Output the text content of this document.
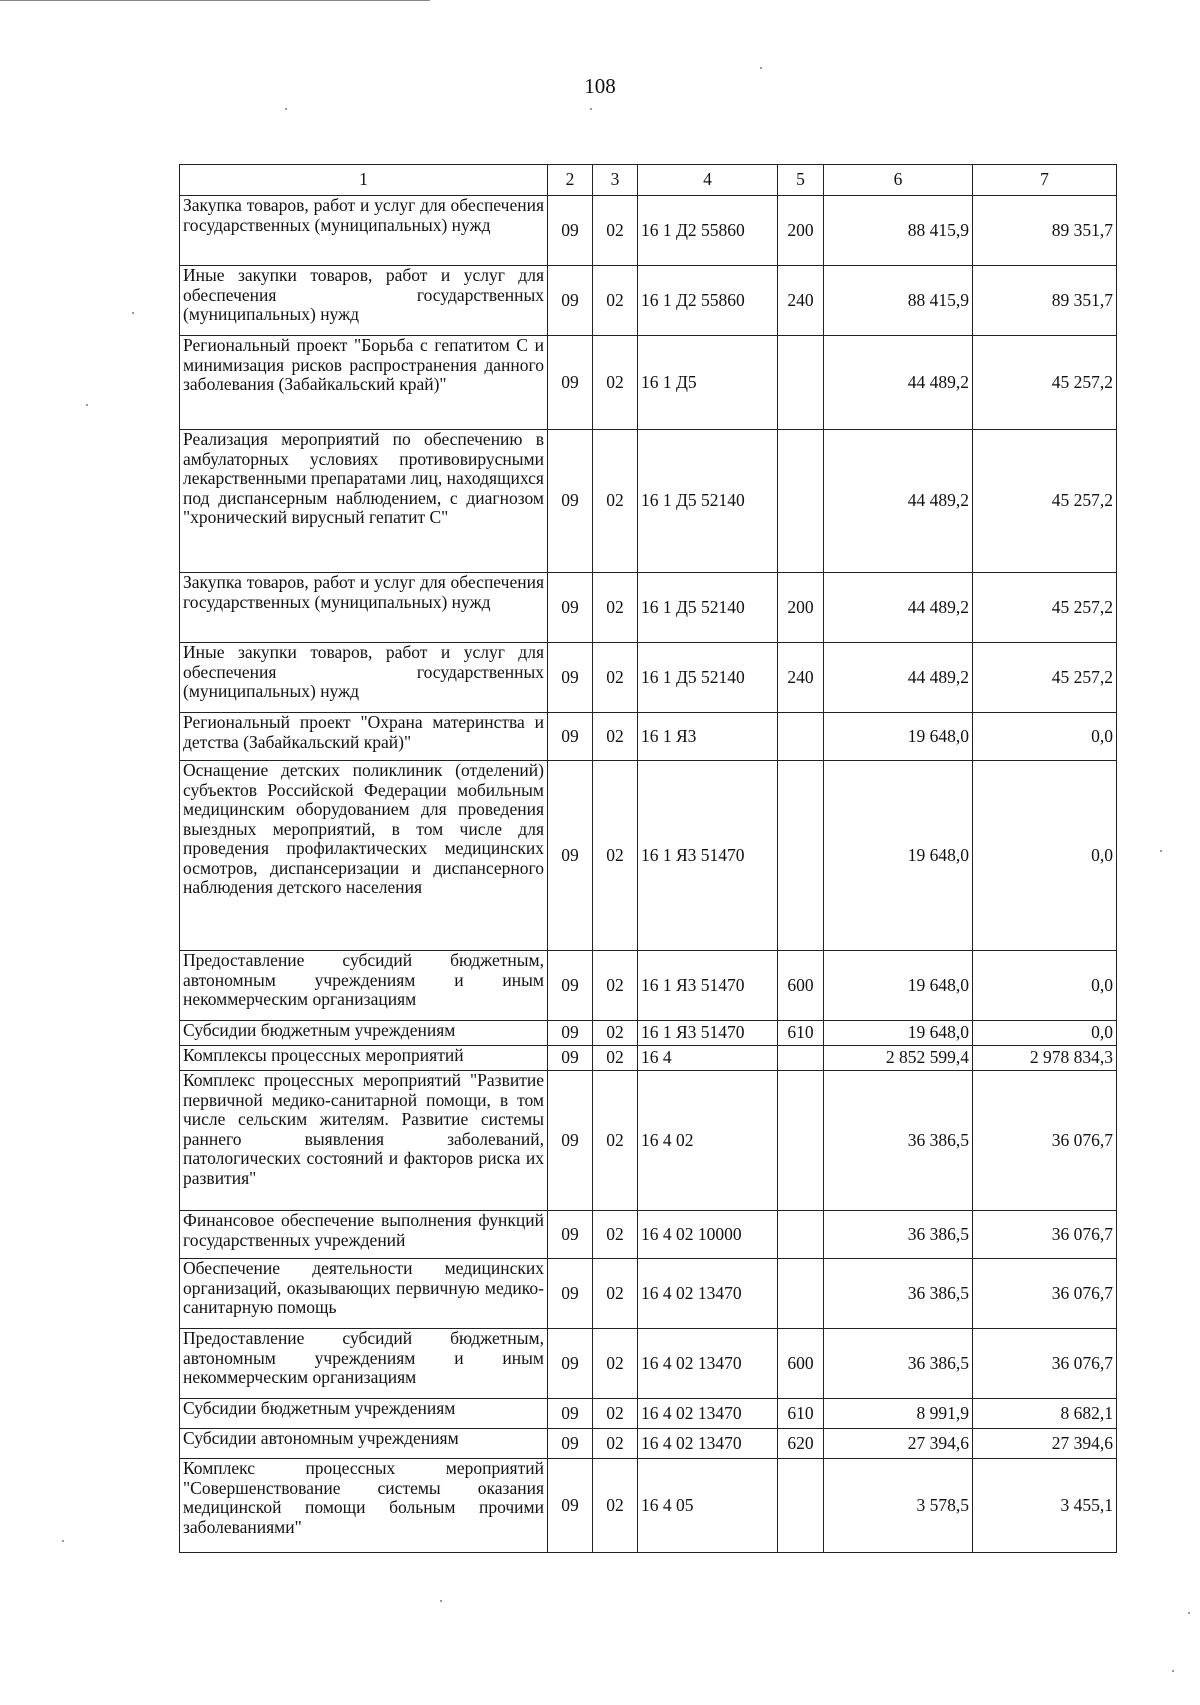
108
1	2	3	4	5	6	7
Закупка товаров, работ и услуг для обеспечения государственных (муниципальных) нужд	09	02	16 1 Д2 55860	200	88 415,9	89 351,7
Иные закупки товаров, работ и услуг для обеспечения государственных (муниципальных) нужд	09	02	16 1 Д2 55860	240	88 415,9	89 351,7
Региональный проект "Борьба с гепатитом С и минимизация рисков распространения данного заболевания (Забайкальский край)"	09	02	16 1 Д5		44 489,2	45 257,2
Реализация мероприятий по обеспечению в амбулаторных условиях противовирусными лекарственными препаратами лиц, находящихся под диспансерным наблюдением, с диагнозом "хронический вирусный гепатит С"	09	02	16 1 Д5 52140		44 489,2	45 257,2
Закупка товаров, работ и услуг для обеспечения государственных (муниципальных) нужд	09	02	16 1 Д5 52140	200	44 489,2	45 257,2
Иные закупки товаров, работ и услуг для обеспечения государственных (муниципальных) нужд	09	02	16 1 Д5 52140	240	44 489,2	45 257,2
Региональный проект "Охрана материнства и детства (Забайкальский край)"	09	02	16 1 Я3		19 648,0	0,0
Оснащение детских поликлиник (отделений) субъектов Российской Федерации мобильным медицинским оборудованием для проведения выездных мероприятий, в том числе для проведения профилактических медицинских осмотров, диспансеризации и диспансерного наблюдения детского населения	09	02	16 1 Я3 51470		19 648,0	0,0
Предоставление субсидий бюджетным, автономным учреждениям и иным некоммерческим организациям	09	02	16 1 Я3 51470	600	19 648,0	0,0
Субсидии бюджетным учреждениям	09	02	16 1 Я3 51470	610	19 648,0	0,0
Комплексы процессных мероприятий	09	02	16 4		2 852 599,4	2 978 834,3
Комплекс процессных мероприятий "Развитие первичной медико-санитарной помощи, в том числе сельским жителям. Развитие системы раннего выявления заболеваний, патологических состояний и факторов риска их развития"	09	02	16 4 02		36 386,5	36 076,7
Финансовое обеспечение выполнения функций государственных учреждений	09	02	16 4 02 10000		36 386,5	36 076,7
Обеспечение деятельности медицинских организаций, оказывающих первичную медико-санитарную помощь	09	02	16 4 02 13470		36 386,5	36 076,7
Предоставление субсидий бюджетным, автономным учреждениям и иным некоммерческим организациям	09	02	16 4 02 13470	600	36 386,5	36 076,7
Субсидии бюджетным учреждениям	09	02	16 4 02 13470	610	8 991,9	8 682,1
Субсидии автономным учреждениям	09	02	16 4 02 13470	620	27 394,6	27 394,6
Комплекс процессных мероприятий "Совершенствование системы оказания медицинской помощи больным прочими заболеваниями"	09	02	16 4 05		3 578,5	3 455,1
